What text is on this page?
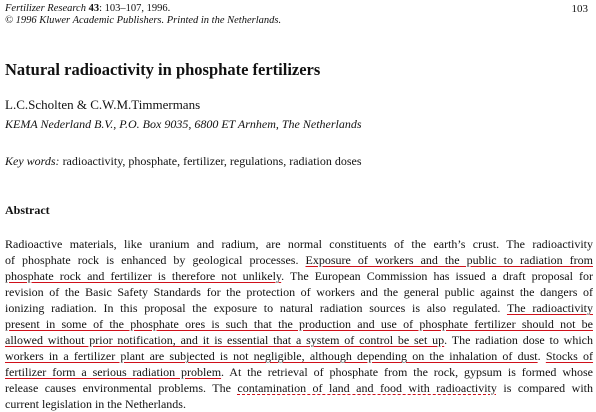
Fertilizer Research 43: 103–107, 1996.
© 1996 Kluwer Academic Publishers. Printed in the Netherlands.
103
Natural radioactivity in phosphate fertilizers
L.C.Scholten & C.W.M.Timmermans
KEMA Nederland B.V., P.O. Box 9035, 6800 ET Arnhem, The Netherlands
Key words: radioactivity, phosphate, fertilizer, regulations, radiation doses
Abstract
Radioactive materials, like uranium and radium, are normal constituents of the earth’s crust. The radioactivity
of phosphate rock is enhanced by geological processes. Exposure of workers and the public to radiation from
phosphate rock and fertilizer is therefore not unlikely. The European Commission has issued a draft proposal for
revision of the Basic Safety Standards for the protection of workers and the general public against the dangers of
ionizing radiation. In this proposal the exposure to natural radiation sources is also regulated. The radioactivity
present in some of the phosphate ores is such that the production and use of phosphate fertilizer should not be
allowed without prior notification, and it is essential that a system of control be set up. The radiation dose to which
workers in a fertilizer plant are subjected is not negligible, although depending on the inhalation of dust. Stocks of
fertilizer form a serious radiation problem. At the retrieval of phosphate from the rock, gypsum is formed whose
release causes environmental problems. The contamination of land and food with radioactivity is compared with
current legislation in the Netherlands.
